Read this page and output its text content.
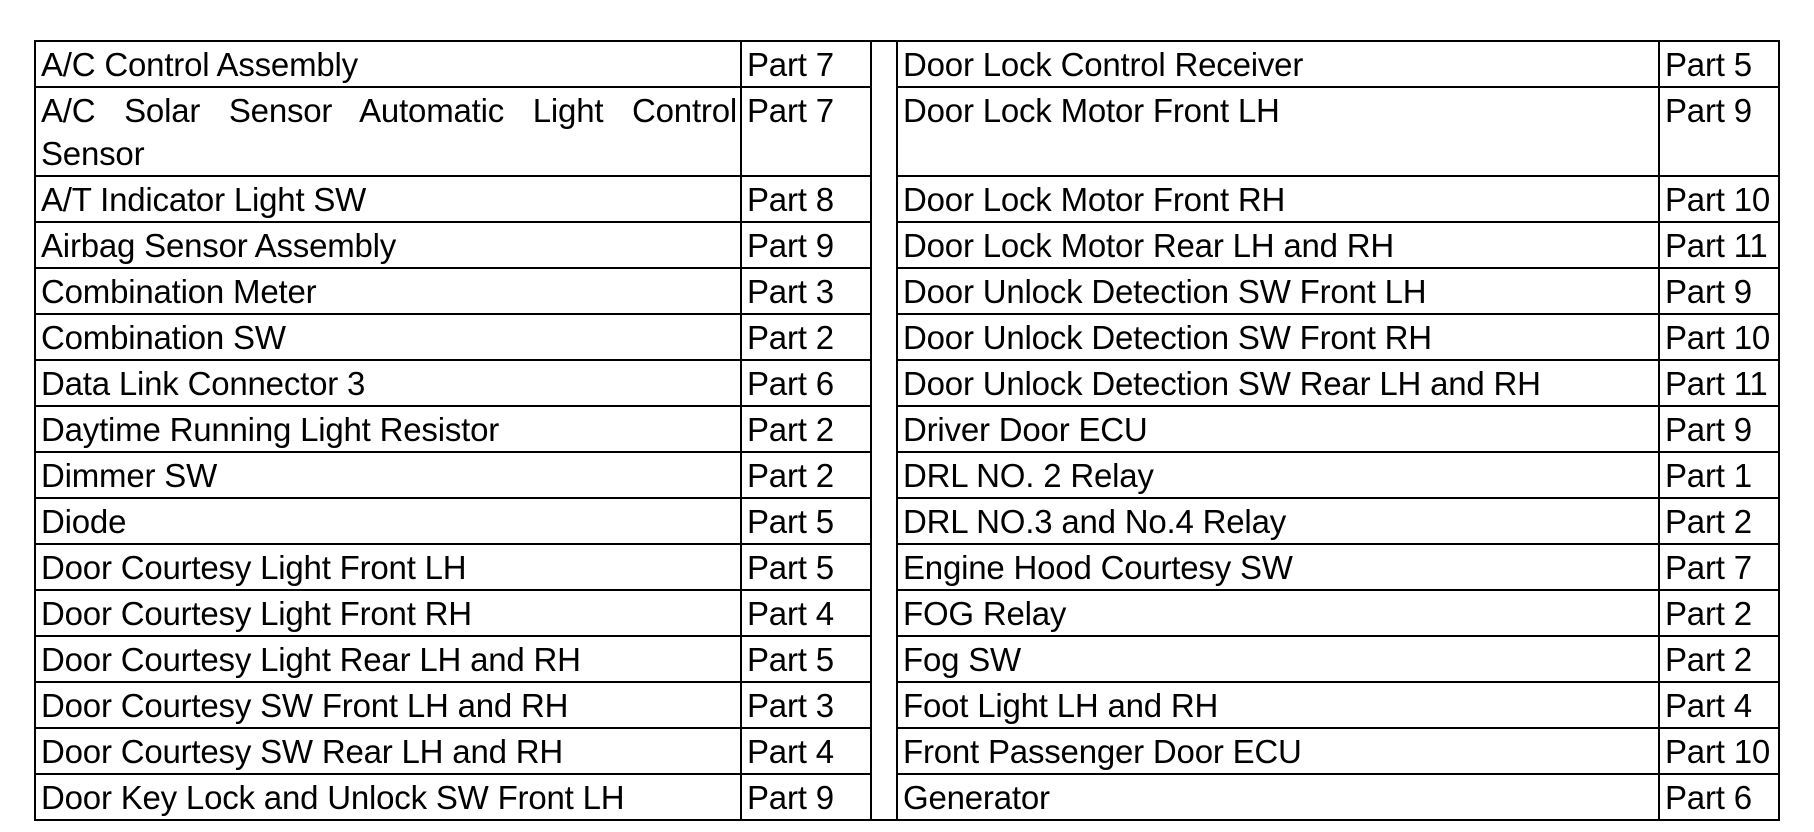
A/C Control Assembly	Part 7		Door Lock Control Receiver	Part 5
A/C Solar Sensor Automatic Light Control Sensor	Part 7		Door Lock Motor Front LH	Part 9
A/T Indicator Light SW	Part 8		Door Lock Motor Front RH	Part 10
Airbag Sensor Assembly	Part 9		Door Lock Motor Rear LH and RH	Part 11
Combination Meter	Part 3		Door Unlock Detection SW Front LH	Part 9
Combination SW	Part 2		Door Unlock Detection SW Front RH	Part 10
Data Link Connector 3	Part 6		Door Unlock Detection SW Rear LH and RH	Part 11
Daytime Running Light Resistor	Part 2		Driver Door ECU	Part 9
Dimmer SW	Part 2		DRL NO. 2 Relay	Part 1
Diode	Part 5		DRL NO.3 and No.4 Relay	Part 2
Door Courtesy Light Front LH	Part 5		Engine Hood Courtesy SW	Part 7
Door Courtesy Light Front RH	Part 4		FOG Relay	Part 2
Door Courtesy Light Rear LH and RH	Part 5		Fog SW	Part 2
Door Courtesy SW Front LH and RH	Part 3		Foot Light LH and RH	Part 4
Door Courtesy SW Rear LH and RH	Part 4		Front Passenger Door ECU	Part 10
Door Key Lock and Unlock SW Front LH	Part 9		Generator	Part 6
